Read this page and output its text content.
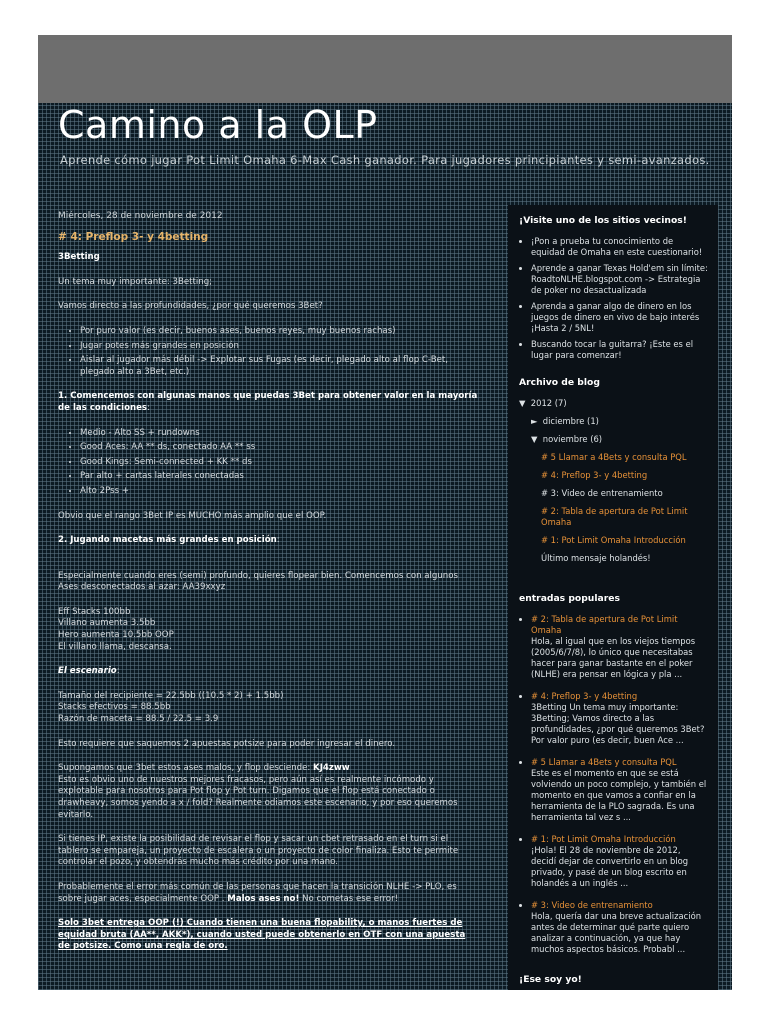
Camino a la OLP
Aprende cómo jugar Pot Limit Omaha 6-Max Cash ganador. Para jugadores principiantes y semi-avanzados.
Miércoles, 28 de noviembre de 2012
# 4: Preflop 3- y 4betting

3Betting

Un tema muy importante: 3Betting;

Vamos directo a las profundidades, ¿por qué queremos 3Bet?

• Por puro valor (es decir, buenos ases, buenos reyes, muy buenos rachas)
• Jugar potes más grandes en posición
• Aislar al jugador más débil -> Explotar sus Fugas (es decir, plegado alto al flop C-Bet, plegado alto a 3Bet, etc.)

1. Comencemos con algunas manos que puedas 3Bet para obtener valor en la mayoría de las condiciones:

• Medio - Alto SS + rundowns
• Good Aces: AA ** ds, conectado AA ** ss
• Good Kings: Semi-connected + KK ** ds
• Par alto + cartas laterales conectadas
• Alto 2Pss +

Obvio que el rango 3Bet IP es MUCHO más amplio que el OOP.

2. Jugando macetas más grandes en posición:

Especialmente cuando eres (semi) profundo, quieres flopear bien. Comencemos con algunos Ases desconectados al azar: AA39xxyz

Eff Stacks 100bb
Villano aumenta 3.5bb
Hero aumenta 10.5bb OOP
El villano llama, descansa.

El escenario:

Tamaño del recipiente = 22.5bb ((10.5 * 2) + 1.5bb)
Stacks efectivos = 88.5bb
Razón de maceta = 88.5 / 22.5 = 3.9

Esto requiere que saquemos 2 apuestas potsize para poder ingresar el dinero.

Supongamos que 3bet estos ases malos, y flop desciende: KJ4zww
Esto es obvio uno de nuestros mejores fracasos, pero aún así es realmente incómodo y explotable para nosotros para Pot flop y Pot turn. Digamos que el flop está conectado o drawheavy, somos yendo a x / fold? Realmente odiamos este escenario, y por eso queremos evitarlo.

Si tienes IP, existe la posibilidad de revisar el flop y sacar un cbet retrasado en el turn si el tablero se empareja, un proyecto de escalera o un proyecto de color finaliza. Esto te permite controlar el pozo, y obtendrás mucho más crédito por una mano.

Probablemente el error más común de las personas que hacen la transición NLHE -> PLO, es sobre jugar aces, especialmente OOP . Malos ases no! No cometas ese error!

Solo 3bet entrega OOP (!) Cuando tienen una buena flopability, o manos fuertes de equidad bruta (AA**, AKK*), cuando usted puede obtenerlo en OTF con una apuesta de potsize. Como una regla de oro.

¡Visite uno de los sitios vecinos!
• ¡Pon a prueba tu conocimiento de equidad de Omaha en este cuestionario!
• Aprende a ganar Texas Hold'em sin límite: RoadtoNLHE.blogspot.com -> Estrategia de poker no desactualizada
• Aprenda a ganar algo de dinero en los juegos de dinero en vivo de bajo interés ¡Hasta 2 / 5NL!
• Buscando tocar la guitarra? ¡Este es el lugar para comenzar!
Archivo de blog
▼ 2012 (7)
► diciembre (1)
▼ noviembre (6)
# 5 Llamar a 4Bets y consulta PQL
# 4: Preflop 3- y 4betting
# 3: Video de entrenamiento
# 2: Tabla de apertura de Pot Limit Omaha
# 1: Pot Limit Omaha Introducción
Último mensaje holandés!
entradas populares
• # 2: Tabla de apertura de Pot Limit Omaha
Hola, al igual que en los viejos tiempos (2005/6/7/8), lo único que necesitabas hacer para ganar bastante en el poker (NLHE) era pensar en lógica y pla ...
• # 4: Preflop 3- y 4betting
3Betting Un tema muy importante: 3Betting; Vamos directo a las profundidades, ¿por qué queremos 3Bet? Por valor puro (es decir, buen Ace ...
• # 5 Llamar a 4Bets y consulta PQL
Este es el momento en que se está volviendo un poco complejo, y también el momento en que vamos a confiar en la herramienta de la PLO sagrada. Es una herramienta tal vez s ...
• # 1: Pot Limit Omaha Introducción
¡Hola! El 28 de noviembre de 2012, decidí dejar de convertirlo en un blog privado, y pasé de un blog escrito en holandés a un inglés ...
• # 3: Video de entrenamiento
Hola, quería dar una breve actualización antes de determinar qué parte quiero analizar a continuación, ya que hay muchos aspectos básicos. Probabl ...
¡Ese soy yo!
